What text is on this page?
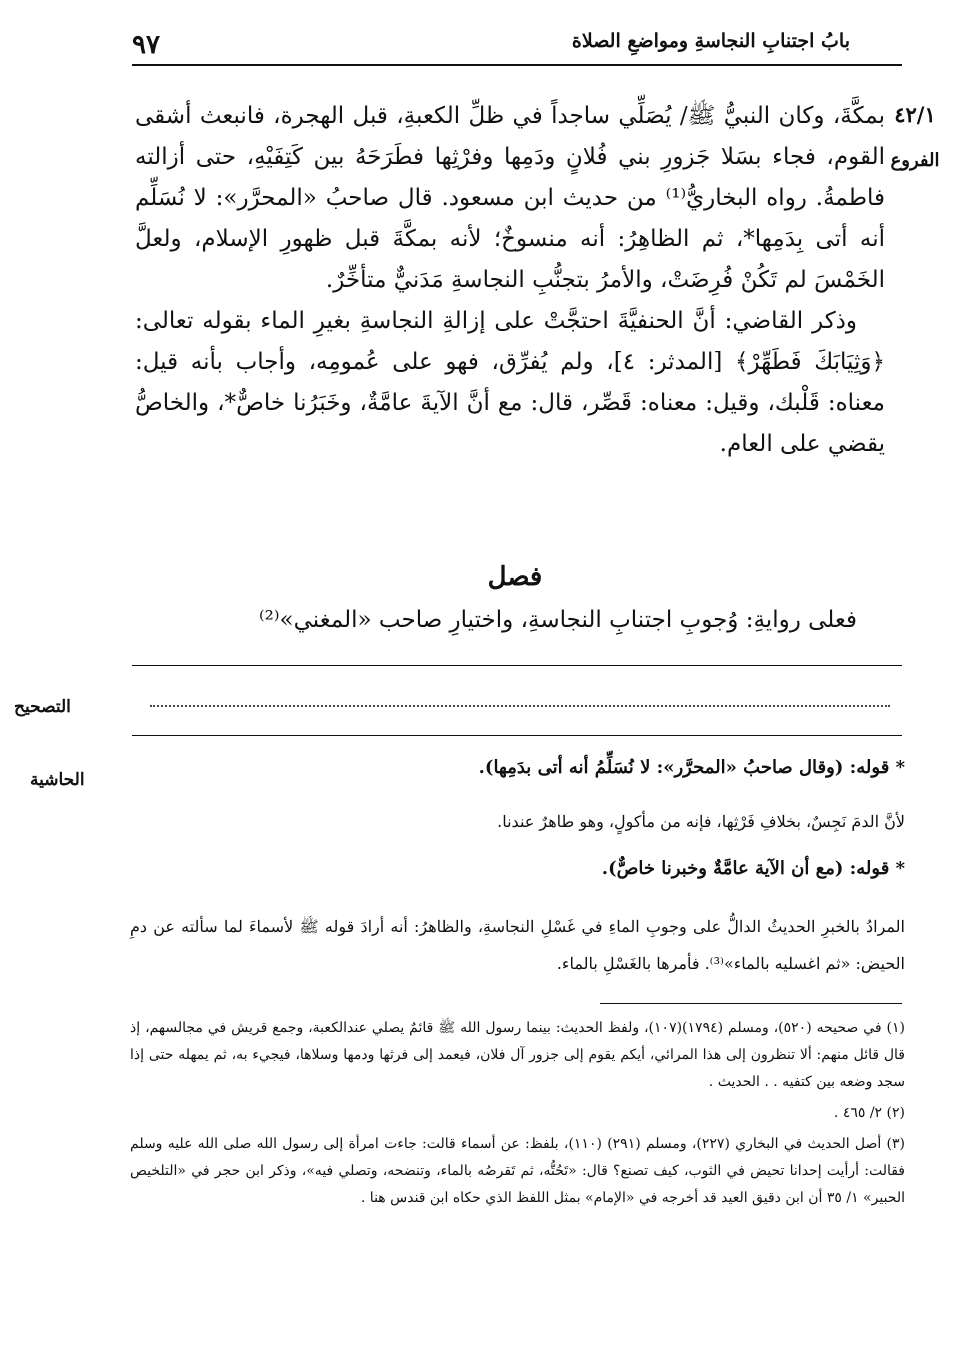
بابُ اجتنابِ النجاسةِ ومواضعِ الصلاة
٩٧
٤٢/١
الفروع

بمكَّةَ، وكان النبيُّ ﷺ/ يُصَلِّي ساجداً في ظلِّ الكعبةِ، قبل الهجرة، فانبعث أشقى القوم، فجاء بسَلا جَزورِ بني فُلانٍ ودَمِها وفرْثِها فطَرَحَهُ بين كَتِفَيْهِ، حتى أزالته فاطمةُ. رواه البخاريُّ⁽¹⁾ من حديث ابن مسعود. قال صاحبُ «المحرَّر»: لا نُسَلِّم أنه أتى بِدَمِها*، ثم الظاهِرُ: أنه منسوخٌ؛ لأنه بمكَّةَ قبل ظهورِ الإسلام، ولعلَّ الخَمْسَ لم تَكُنْ فُرِضَتْ، والأمرُ بتجنُّبِ النجاسةِ مَدَنيٌّ متأخِّرٌ.

وذكر القاضي: أنَّ الحنفيَّةَ احتجَّتْ على إزالةِ النجاسةِ بغيرِ الماء بقوله تعالى: ﴿وَثِيَابَكَ فَطَهِّرْ﴾ [المدثر: ٤]، ولم يُفرِّق، فهو على عُمومِه، وأجاب بأنه قيل: معناه: قَلْبك، وقيل: معناه: قَصِّر، قال: مع أنَّ الآيةَ عامَّةٌ، وخَبَرُنا خاصٌّ*، والخاصُّ يقضي على العام.

فصل
فعلى روايةِ: وُجوبِ اجتنابِ النجاسةِ، واختيارِ صاحب «المغني»⁽²⁾
التصحيح
الحاشية
* قوله: (وقال صاحبُ «المحرَّر»: لا نُسَلِّمُ أنه أتى بدَمِها).
لأنَّ الدمَ نَجِسٌ، بخلافِ فَرْثِها، فإنه من مأكولٍ، وهو طاهرٌ عندنا.
* قوله: (مع أن الآية عامَّةٌ وخبرنا خاصٌّ).
المرادُ بالخبرِ الحديثُ الدالُّ على وجوبِ الماءِ في غَسْلِ النجاسةِ، والظاهرُ: أنه أرادَ قوله ﷺ لأسماءَ لما سألته عن دمِ الحيض: «ثم اغسليه بالماء»⁽³⁾. فأمرها بالغَسْلِ بالماء.

(١) في صحيحه (٥٢٠)، ومسلم (١٧٩٤)(١٠٧)، ولفظ الحديث: بينما رسول الله ﷺ قائمٌ يصلي عندالكعبة، وجمع قريش في مجالسهم، إذ قال قائل منهم: ألا تنظرون إلى هذا المرائي، أيكم يقوم إلى جزور آل فلان، فيعمد إلى فرثها ودمها وسلاها، فيجيء به، ثم يمهله حتى إذا سجد وضعه بين كتفيه . . الحديث .

(٢) ٢/ ٤٦٥ .

(٣) أصل الحديث في البخاري (٢٢٧)، ومسلم (٢٩١) (١١٠)، بلفظ: عن أسماء قالت: جاءت امرأة إلى رسول الله صلى الله عليه وسلم فقالت: أرأيت إحدانا تحيض في الثوب، كيف تصنع؟ قال: «تَحُتُّه، ثم تَقرصُه بالماء، وتنضحه، وتصلي فيه»، وذكر ابن حجر في «التلخيص الحبير» ١/ ٣٥ أن ابن دقيق العيد قد أخرجه في «الإمام» بمثل اللفظ الذي حكاه ابن قندس هنا .
